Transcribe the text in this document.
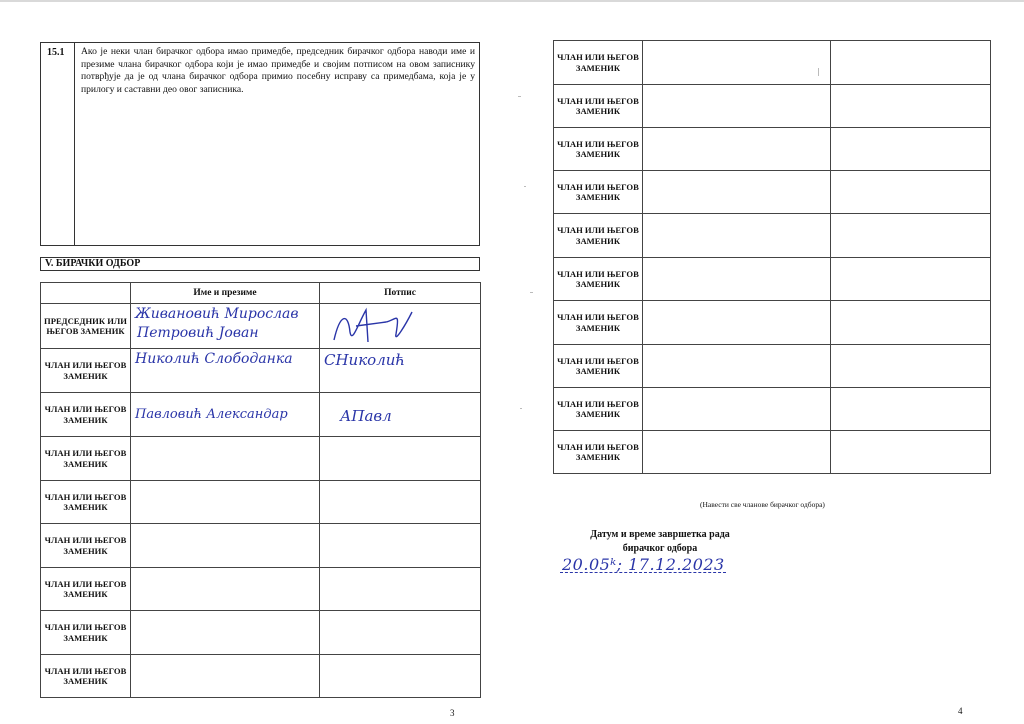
15.1	Ако је неки члан бирачког одбора имао примедбе, председник бирачког одбора наводи име и презиме члана бирачког одбора који је имао примедбе и својим потписом на овом записнику потврђује да је од члана бирачког одбора примио посебну исправу са примедбама, која је у прилогу и саставни део овог записника.
V. БИРАЧКИ ОДБОР
	Име и презиме	Потпис
ПРЕДСЕДНИК ИЛИ ЊЕГОВ ЗАМЕНИК	Живановић Мирослав
Петровић Јован

ЧЛАН ИЛИ ЊЕГОВ ЗАМЕНИК	Николић Слободанка	СНиколић

ЧЛАН ИЛИ ЊЕГОВ ЗАМЕНИК	Павловић Александар	АПавл

ЧЛАН ИЛИ ЊЕГОВ ЗАМЕНИК		
ЧЛАН ИЛИ ЊЕГОВ ЗАМЕНИК		
ЧЛАН ИЛИ ЊЕГОВ ЗАМЕНИК		
ЧЛАН ИЛИ ЊЕГОВ ЗАМЕНИК		
ЧЛАН ИЛИ ЊЕГОВ ЗАМЕНИК		
ЧЛАН ИЛИ ЊЕГОВ ЗАМЕНИК		
ЧЛАН ИЛИ ЊЕГОВ ЗАМЕНИК		
ЧЛАН ИЛИ ЊЕГОВ ЗАМЕНИК		
ЧЛАН ИЛИ ЊЕГОВ ЗАМЕНИК		
ЧЛАН ИЛИ ЊЕГОВ ЗАМЕНИК		
ЧЛАН ИЛИ ЊЕГОВ ЗАМЕНИК		
ЧЛАН ИЛИ ЊЕГОВ ЗАМЕНИК		
ЧЛАН ИЛИ ЊЕГОВ ЗАМЕНИК		
ЧЛАН ИЛИ ЊЕГОВ ЗАМЕНИК		
ЧЛАН ИЛИ ЊЕГОВ ЗАМЕНИК		
ЧЛАН ИЛИ ЊЕГОВ ЗАМЕНИК		
(Навести све чланове бирачког одбора)
Датум и време завршетка рада
бирачког одбора
20.05ᵏ; 17.12.2023
3	4
